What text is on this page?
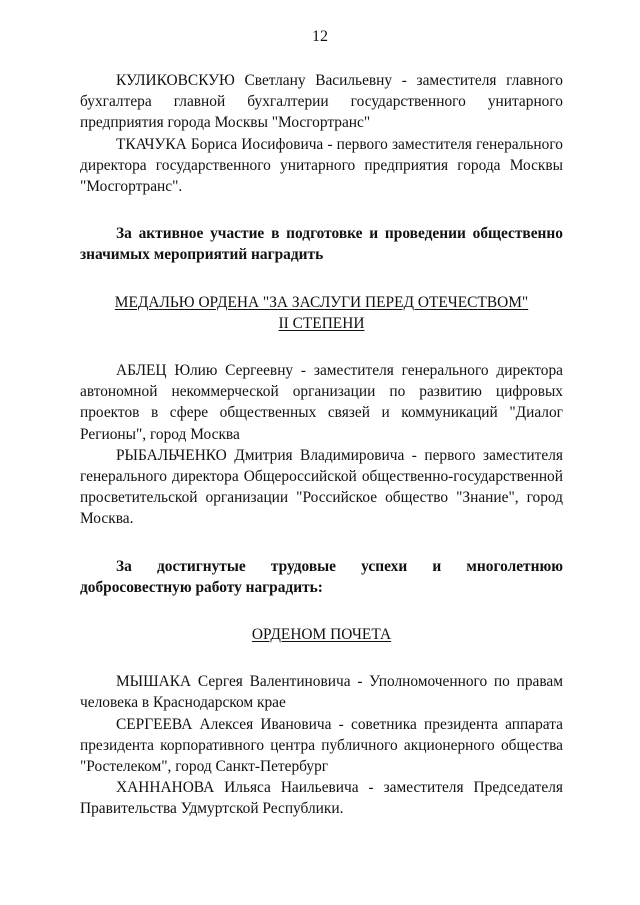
12

КУЛИКОВСКУЮ Светлану Васильевну - заместителя главного бухгалтера главной бухгалтерии государственного унитарного предприятия города Москвы "Мосгортранс"

ТКАЧУКА Бориса Иосифовича - первого заместителя генерального директора государственного унитарного предприятия города Москвы "Мосгортранс".

За активное участие в подготовке и проведении общественно значимых мероприятий наградить

МЕДАЛЬЮ ОРДЕНА "ЗА ЗАСЛУГИ ПЕРЕД ОТЕЧЕСТВОМ"

II СТЕПЕНИ

АБЛЕЦ Юлию Сергеевну - заместителя генерального директора автономной некоммерческой организации по развитию цифровых проектов в сфере общественных связей и коммуникаций "Диалог Регионы", город Москва

РЫБАЛЬЧЕНКО Дмитрия Владимировича - первого заместителя генерального директора Общероссийской общественно-государственной просветительской организации "Российское общество "Знание", город Москва.

За достигнутые трудовые успехи и многолетнюю добросовестную работу наградить:

ОРДЕНОМ ПОЧЕТА

МЫШАКА Сергея Валентиновича - Уполномоченного по правам человека в Краснодарском крае

СЕРГЕЕВА Алексея Ивановича - советника президента аппарата президента корпоративного центра публичного акционерного общества "Ростелеком", город Санкт-Петербург

ХАННАНОВА Ильяса Наильевича - заместителя Председателя Правительства Удмуртской Республики.
